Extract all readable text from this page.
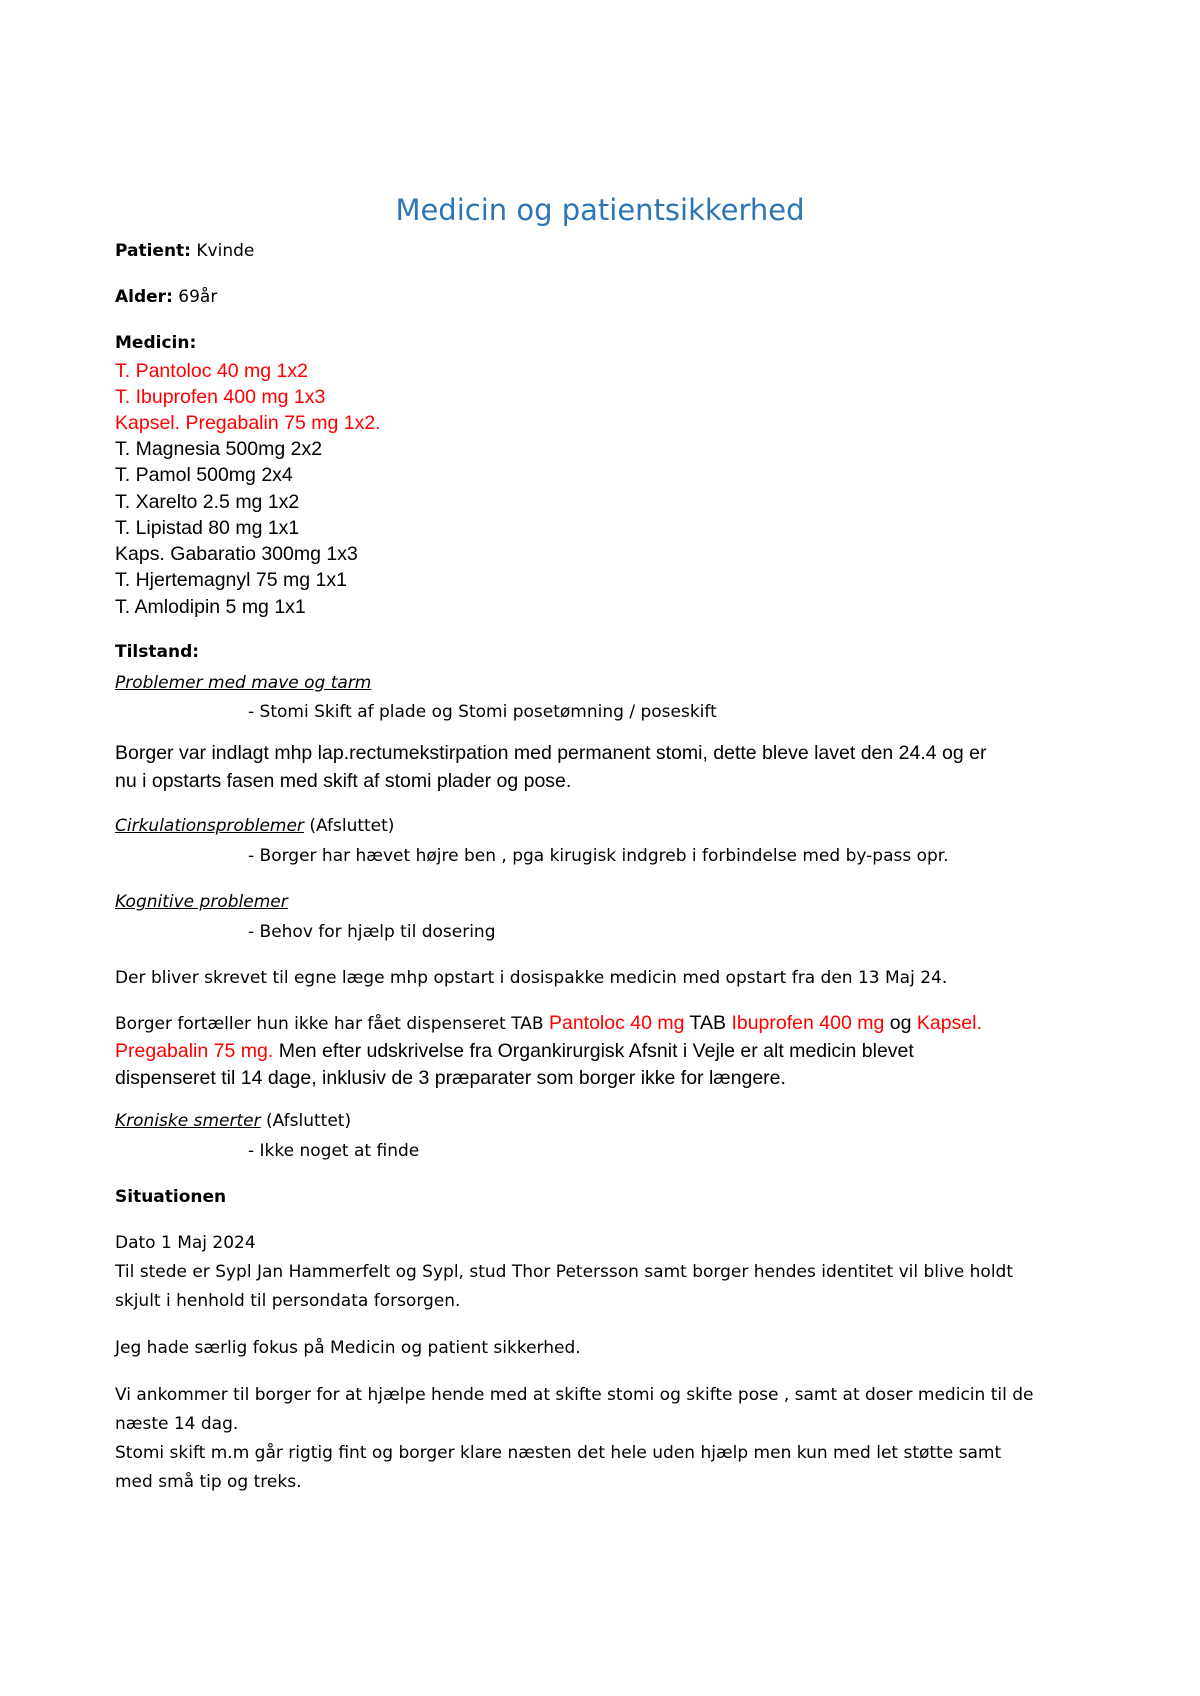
Medicin og patientsikkerhed
Patient: Kvinde
Alder: 69år
Medicin:
T. Pantoloc 40 mg 1x2
T. Ibuprofen 400 mg 1x3
Kapsel. Pregabalin 75 mg 1x2.
T. Magnesia 500mg 2x2
T. Pamol 500mg 2x4
T. Xarelto 2.5 mg 1x2
T. Lipistad 80 mg 1x1
Kaps. Gabaratio 300mg 1x3
T. Hjertemagnyl 75 mg 1x1
T. Amlodipin 5 mg 1x1
Tilstand:
Problemer med mave og tarm
- Stomi Skift af plade og Stomi posetømning / poseskift
Borger var indlagt mhp lap.rectumekstirpation med permanent stomi, dette bleve lavet den 24.4 og er
nu i opstarts fasen med skift af stomi plader og pose.
Cirkulationsproblemer (Afsluttet)
- Borger har hævet højre ben , pga kirugisk indgreb i forbindelse med by-pass opr.
Kognitive problemer
- Behov for hjælp til dosering
Der bliver skrevet til egne læge mhp opstart i dosispakke medicin med opstart fra den 13 Maj 24.
Borger fortæller hun ikke har fået dispenseret TAB Pantoloc 40 mg TAB Ibuprofen 400 mg og Kapsel.
Pregabalin 75 mg. Men efter udskrivelse fra Organkirurgisk Afsnit i Vejle er alt medicin blevet
dispenseret til 14 dage, inklusiv de 3 præparater som borger ikke for længere.
Kroniske smerter (Afsluttet)
- Ikke noget at finde
Situationen
Dato 1 Maj 2024
Til stede er Sypl Jan Hammerfelt og Sypl, stud Thor Petersson samt borger hendes identitet vil blive holdt
skjult i henhold til persondata forsorgen.
Jeg hade særlig fokus på Medicin og patient sikkerhed.
Vi ankommer til borger for at hjælpe hende med at skifte stomi og skifte pose , samt at doser medicin til de
næste 14 dag.
Stomi skift m.m går rigtig fint og borger klare næsten det hele uden hjælp men kun med let støtte samt
med små tip og treks.
